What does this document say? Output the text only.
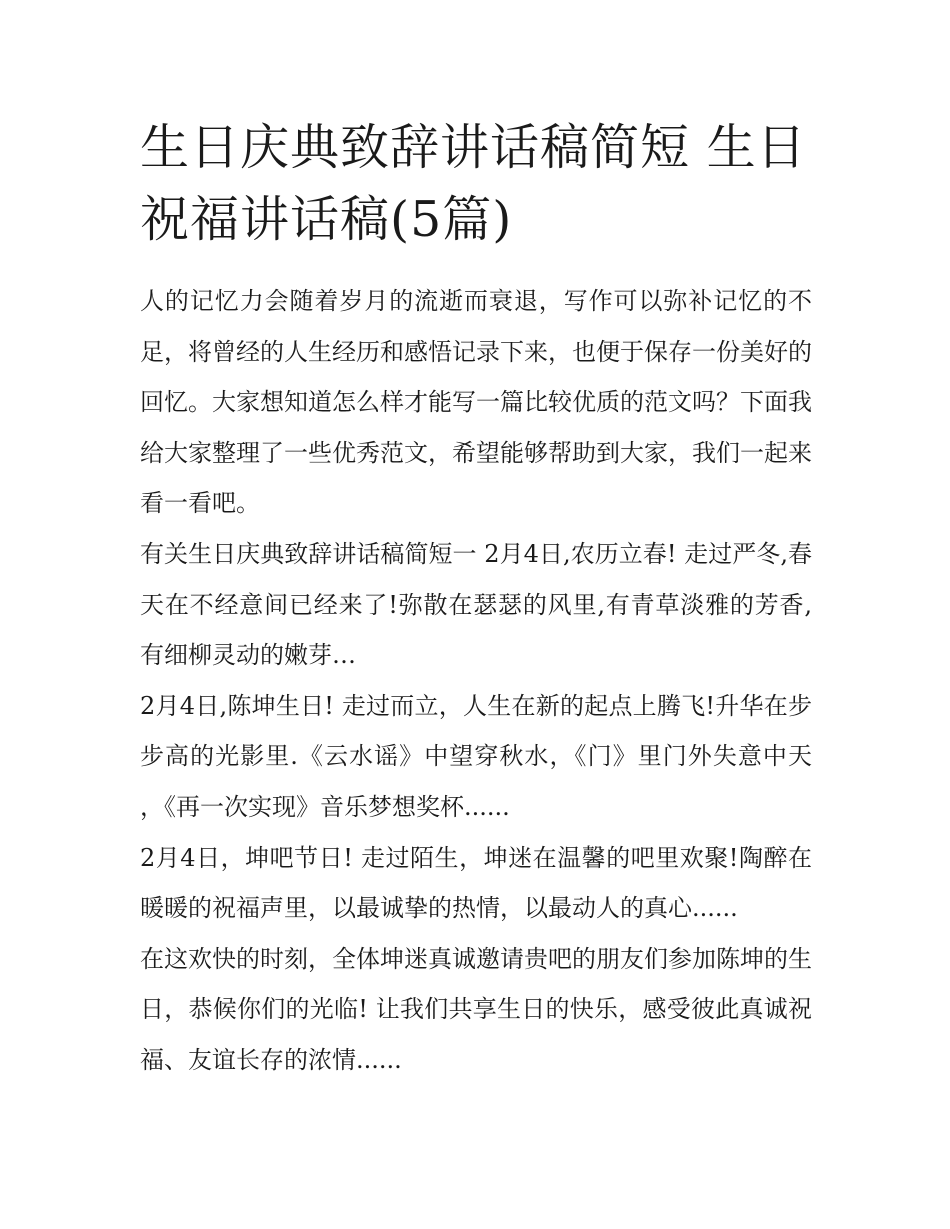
生日庆典致辞讲话稿简短 生日祝福讲话稿(5篇)

人的记忆力会随着岁月的流逝而衰退，写作可以弥补记忆的不足，将曾经的人生经历和感悟记录下来，也便于保存一份美好的回忆。大家想知道怎么样才能写一篇比较优质的范文吗？下面我给大家整理了一些优秀范文，希望能够帮助到大家，我们一起来看一看吧。

有关生日庆典致辞讲话稿简短一 2月4日,农历立春! 走过严冬,春天在不经意间已经来了!弥散在瑟瑟的风里,有青草淡雅的芳香,有细柳灵动的嫩芽…

2月4日,陈坤生日! 走过而立，人生在新的起点上腾飞!升华在步步高的光影里.《云水谣》中望穿秋水，《门》里门外失意中天 ，《再一次实现》音乐梦想奖杯......

2月4日，坤吧节日! 走过陌生，坤迷在温馨的吧里欢聚!陶醉在暖暖的祝福声里，以最诚挚的热情，以最动人的真心......

在这欢快的时刻，全体坤迷真诚邀请贵吧的朋友们参加陈坤的生日，恭候你们的光临! 让我们共享生日的快乐，感受彼此真诚祝福、友谊长存的浓情......
